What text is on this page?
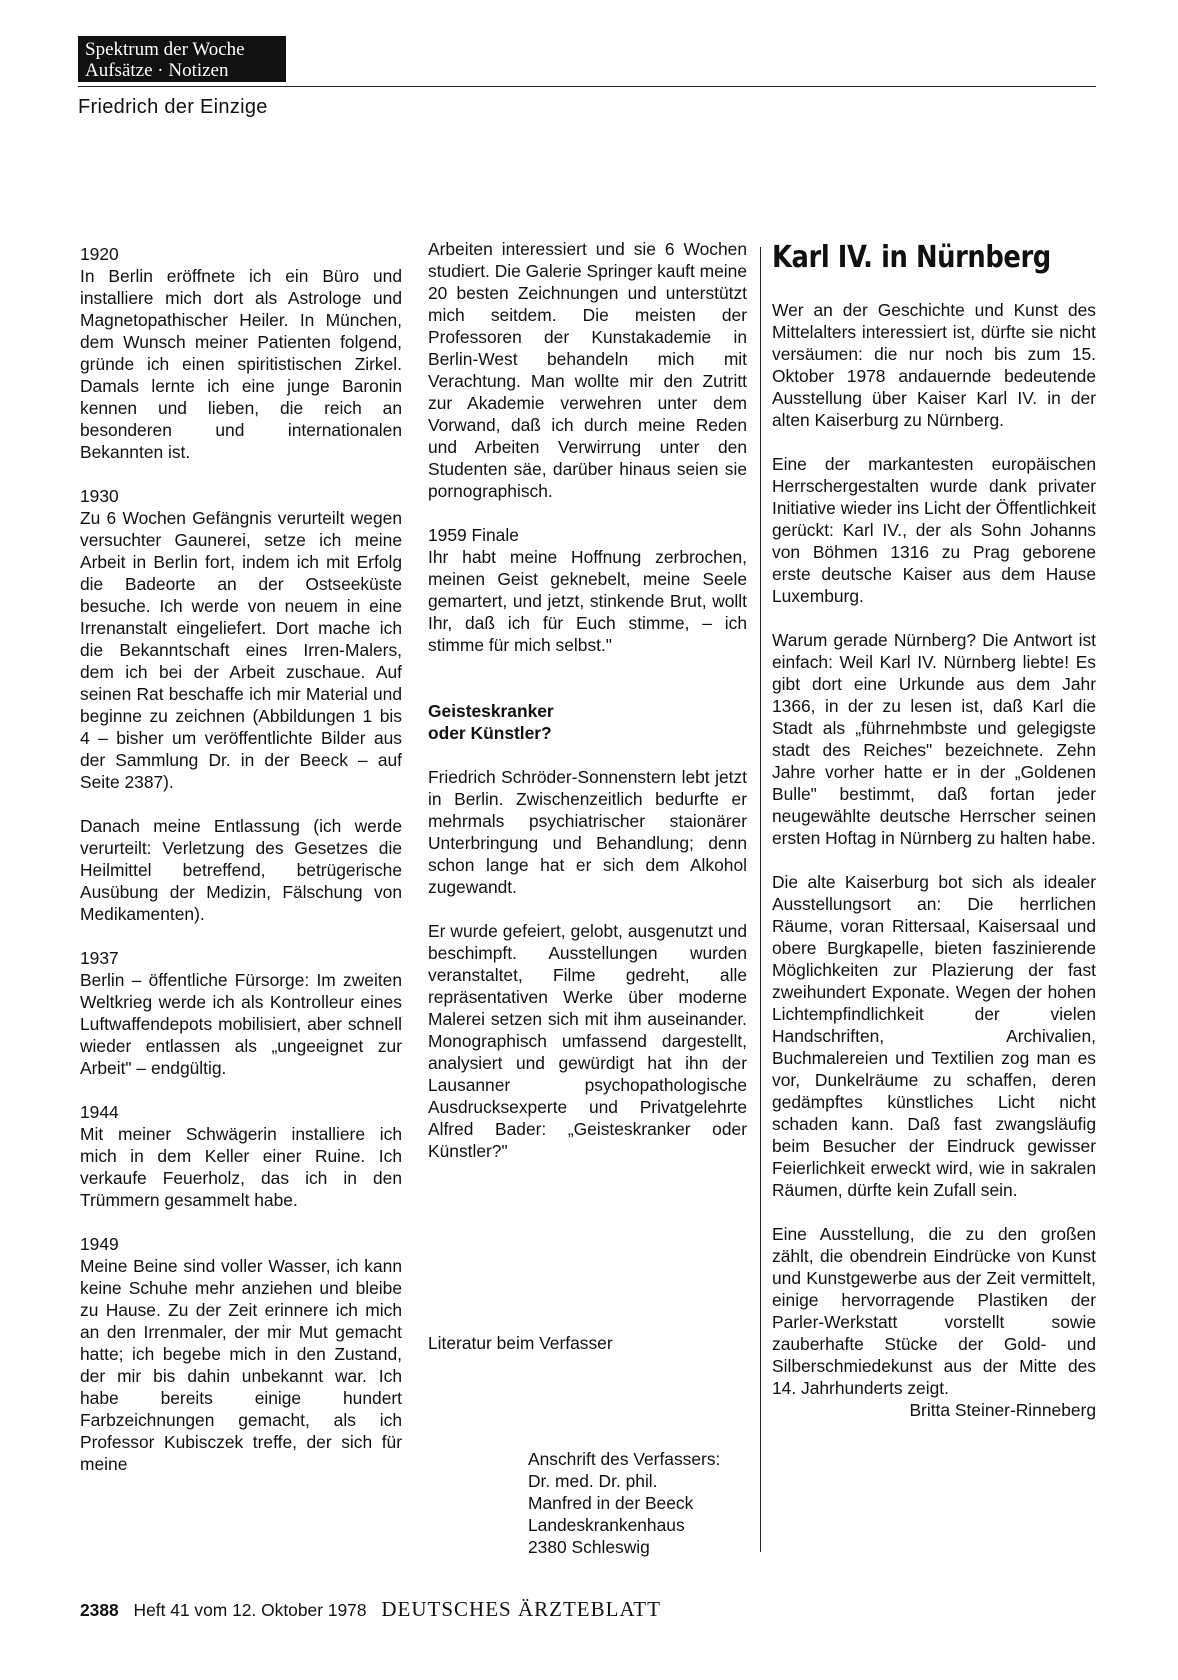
Spektrum der Woche
Aufsätze · Notizen
Friedrich der Einzige
1920

In Berlin eröffnete ich ein Büro und installiere mich dort als Astrologe und Magnetopathischer Heiler. In München, dem Wunsch meiner Patienten folgend, gründe ich einen spiritistischen Zirkel. Damals lernte ich eine junge Baronin kennen und lieben, die reich an besonderen und internationalen Bekannten ist.

1930

Zu 6 Wochen Gefängnis verurteilt wegen versuchter Gaunerei, setze ich meine Arbeit in Berlin fort, indem ich mit Erfolg die Badeorte an der Ostseeküste besuche. Ich werde von neuem in eine Irrenanstalt eingeliefert. Dort mache ich die Bekanntschaft eines Irren-Malers, dem ich bei der Arbeit zuschaue. Auf seinen Rat beschaffe ich mir Material und beginne zu zeichnen (Abbildungen 1 bis 4 – bisher um veröffentlichte Bilder aus der Sammlung Dr. in der Beeck – auf Seite 2387).

Danach meine Entlassung (ich werde verurteilt: Verletzung des Gesetzes die Heilmittel betreffend, betrügerische Ausübung der Medizin, Fälschung von Medikamenten).

1937

Berlin – öffentliche Fürsorge: Im zweiten Weltkrieg werde ich als Kontrolleur eines Luftwaffendepots mobilisiert, aber schnell wieder entlassen als „ungeeignet zur Arbeit" – endgültig.

1944

Mit meiner Schwägerin installiere ich mich in dem Keller einer Ruine. Ich verkaufe Feuerholz, das ich in den Trümmern gesammelt habe.

1949

Meine Beine sind voller Wasser, ich kann keine Schuhe mehr anziehen und bleibe zu Hause. Zu der Zeit erinnere ich mich an den Irrenmaler, der mir Mut gemacht hatte; ich begebe mich in den Zustand, der mir bis dahin unbekannt war. Ich habe bereits einige hundert Farbzeichnungen gemacht, als ich Professor Kubisczek treffe, der sich für meine

Arbeiten interessiert und sie 6 Wochen studiert. Die Galerie Springer kauft meine 20 besten Zeichnungen und unterstützt mich seitdem. Die meisten der Professoren der Kunstakademie in Berlin-West behandeln mich mit Verachtung. Man wollte mir den Zutritt zur Akademie verwehren unter dem Vorwand, daß ich durch meine Reden und Arbeiten Verwirrung unter den Studenten säe, darüber hinaus seien sie pornographisch.

1959 Finale

Ihr habt meine Hoffnung zerbrochen, meinen Geist geknebelt, meine Seele gemartert, und jetzt, stinkende Brut, wollt Ihr, daß ich für Euch stimme, – ich stimme für mich selbst."

Geisteskranker

oder Künstler?

Friedrich Schröder-Sonnenstern lebt jetzt in Berlin. Zwischenzeitlich bedurfte er mehrmals psychiatrischer staionärer Unterbringung und Behandlung; denn schon lange hat er sich dem Alkohol zugewandt.

Er wurde gefeiert, gelobt, ausgenutzt und beschimpft. Ausstellungen wurden veranstaltet, Filme gedreht, alle repräsentativen Werke über moderne Malerei setzen sich mit ihm auseinander. Monographisch umfassend dargestellt, analysiert und gewürdigt hat ihn der Lausanner psychopathologische Ausdrucksexperte und Privatgelehrte Alfred Bader: „Geisteskranker oder Künstler?"

Literatur beim Verfasser

Anschrift des Verfassers:

Dr. med. Dr. phil.

Manfred in der Beeck

Landeskrankenhaus

2380 Schleswig

Karl IV. in Nürnberg

Wer an der Geschichte und Kunst des Mittelalters interessiert ist, dürfte sie nicht versäumen: die nur noch bis zum 15. Oktober 1978 andauernde bedeutende Ausstellung über Kaiser Karl IV. in der alten Kaiserburg zu Nürnberg.

Eine der markantesten europäischen Herrschergestalten wurde dank privater Initiative wieder ins Licht der Öffentlichkeit gerückt: Karl IV., der als Sohn Johanns von Böhmen 1316 zu Prag geborene erste deutsche Kaiser aus dem Hause Luxemburg.

Warum gerade Nürnberg? Die Antwort ist einfach: Weil Karl IV. Nürnberg liebte! Es gibt dort eine Urkunde aus dem Jahr 1366, in der zu lesen ist, daß Karl die Stadt als „führnehmbste und gelegigste stadt des Reiches" bezeichnete. Zehn Jahre vorher hatte er in der „Goldenen Bulle" bestimmt, daß fortan jeder neugewählte deutsche Herrscher seinen ersten Hoftag in Nürnberg zu halten habe.

Die alte Kaiserburg bot sich als idealer Ausstellungsort an: Die herrlichen Räume, voran Rittersaal, Kaisersaal und obere Burgkapelle, bieten faszinierende Möglichkeiten zur Plazierung der fast zweihundert Exponate. Wegen der hohen Lichtempfindlichkeit der vielen Handschriften, Archivalien, Buchmalereien und Textilien zog man es vor, Dunkelräume zu schaffen, deren gedämpftes künstliches Licht nicht schaden kann. Daß fast zwangsläufig beim Besucher der Eindruck gewisser Feierlichkeit erweckt wird, wie in sakralen Räumen, dürfte kein Zufall sein.

Eine Ausstellung, die zu den großen zählt, die obendrein Eindrücke von Kunst und Kunstgewerbe aus der Zeit vermittelt, einige hervorragende Plastiken der Parler-Werkstatt vorstellt sowie zauberhafte Stücke der Gold- und Silberschmiedekunst aus der Mitte des 14. Jahrhunderts zeigt.
Britta Steiner-Rinneberg

2388 Heft 41 vom 12. Oktober 1978 DEUTSCHES ÄRZTEBLATT
